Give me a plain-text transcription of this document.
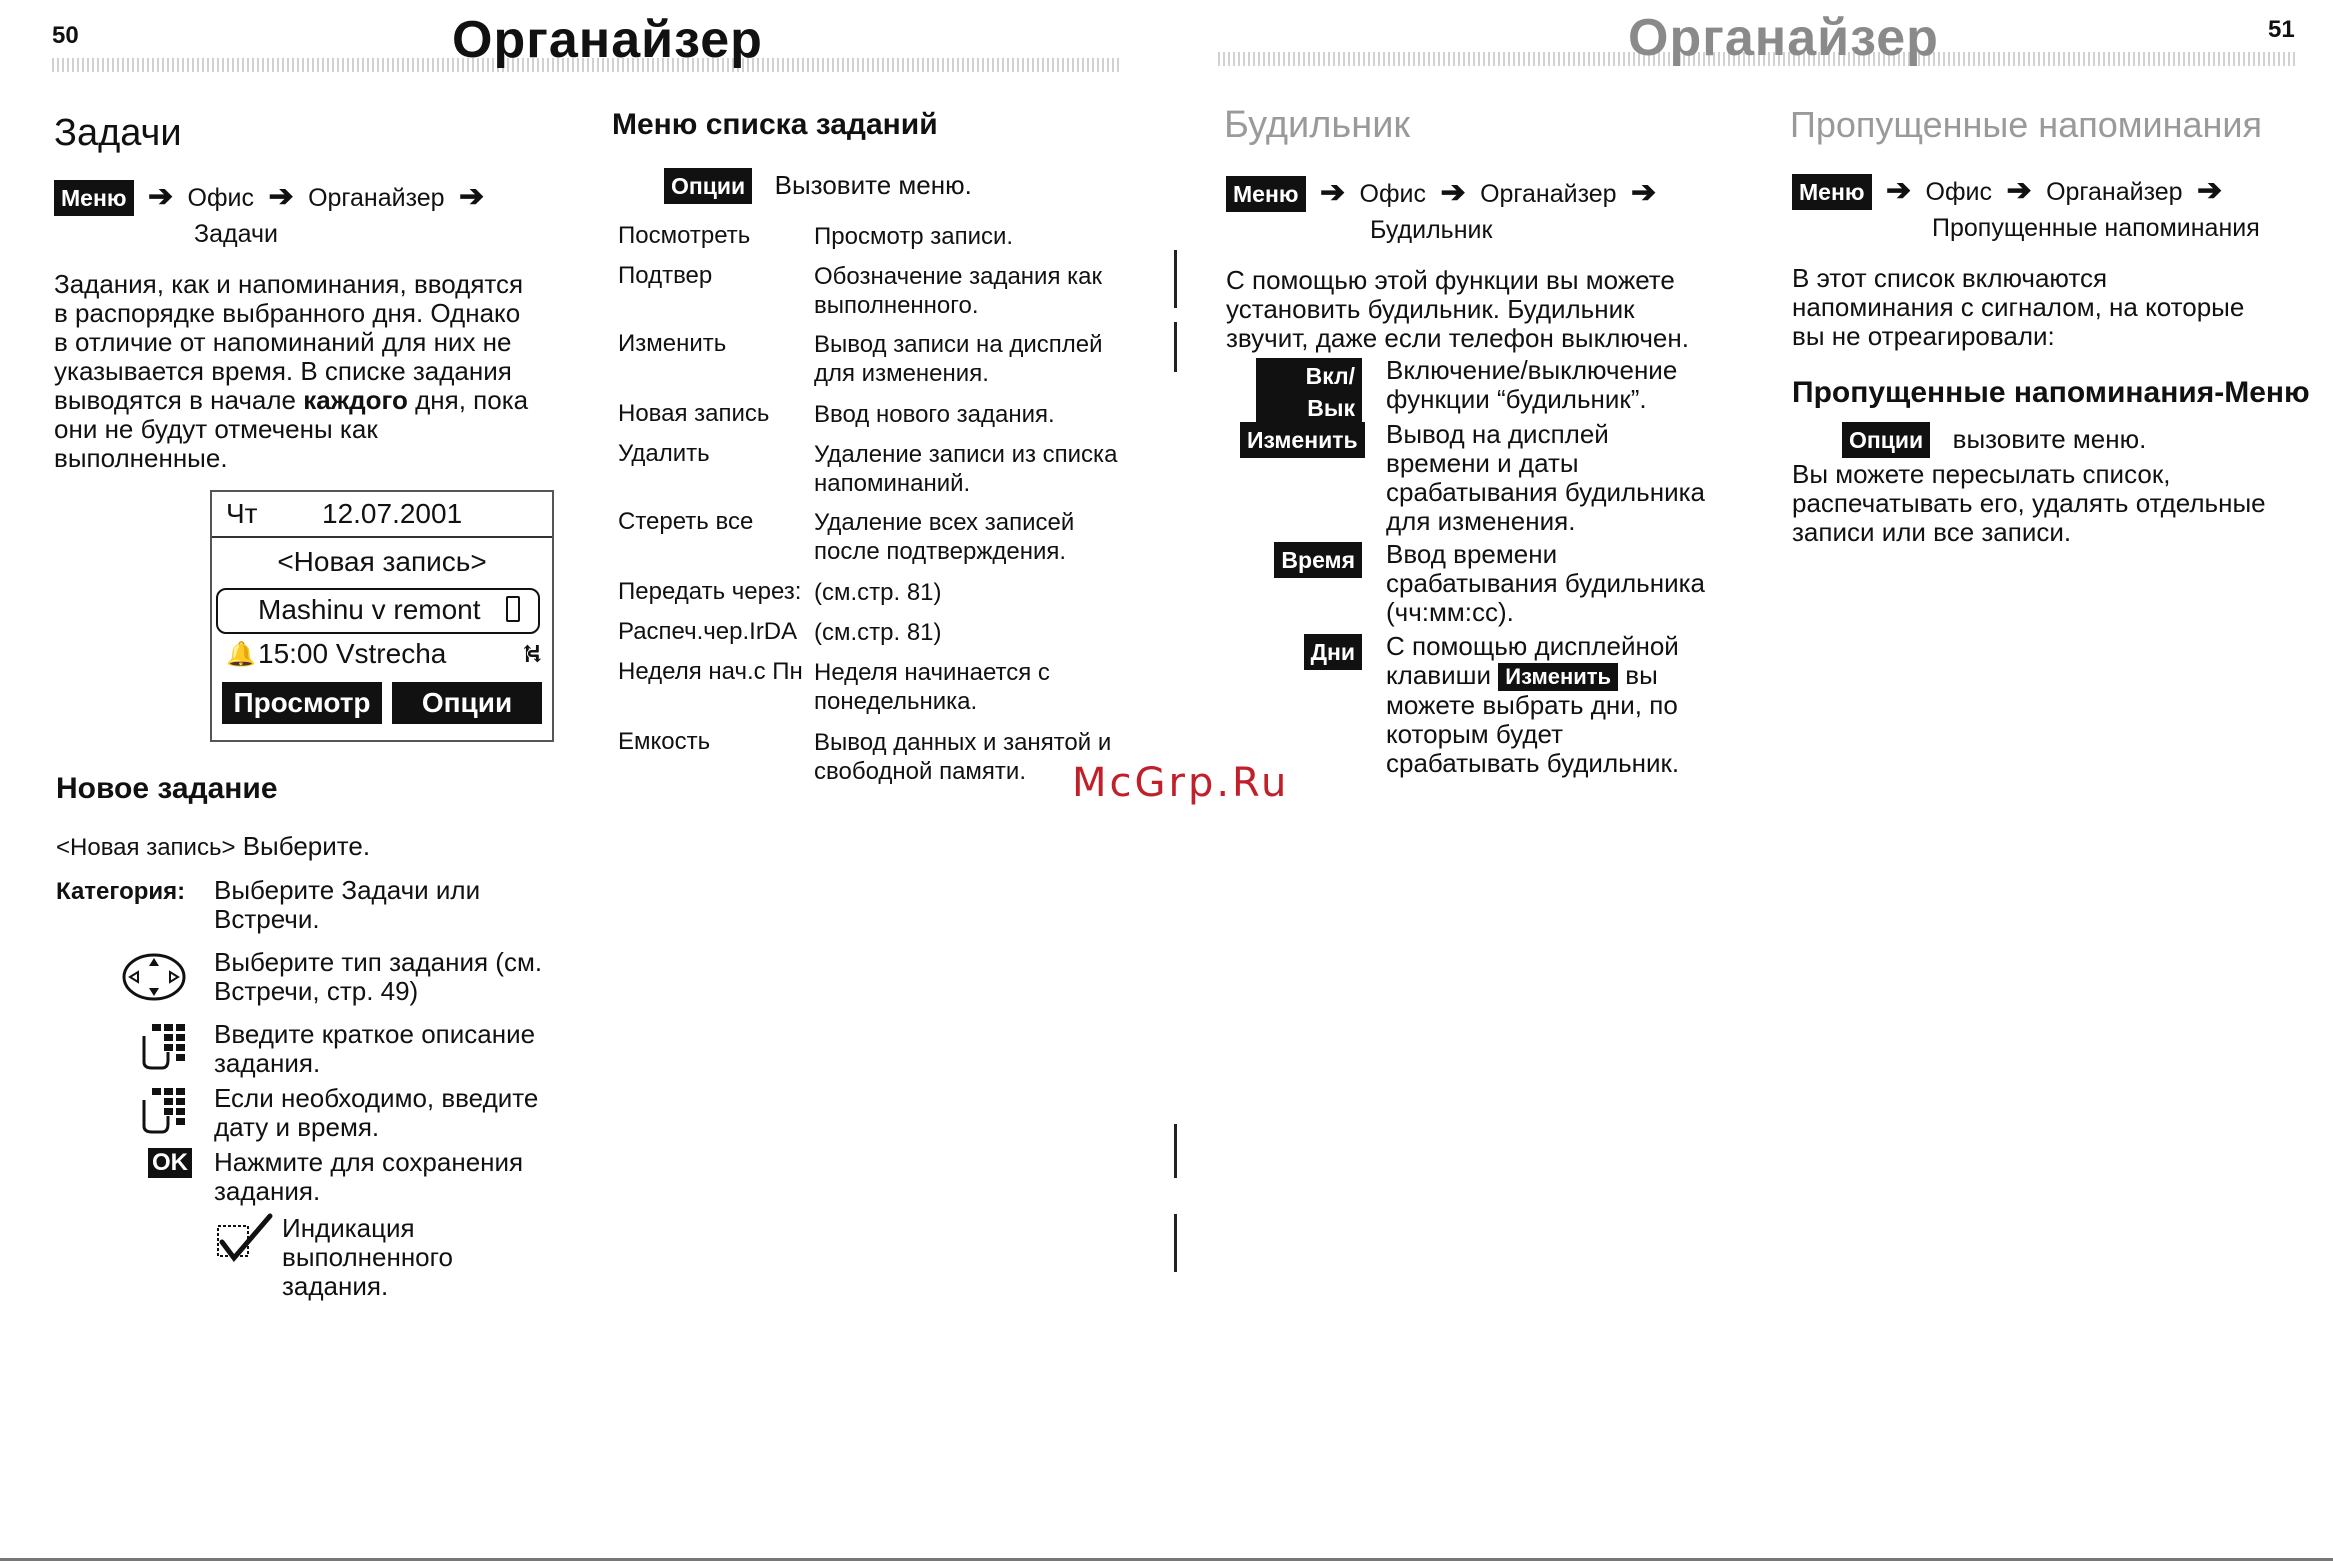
50	Органайзер	Органайзер	51
Задачи
Меню ➔ Офис ➔ Органайзер ➔
Задачи
Задания, как и напоминания, вводятся
в распорядке выбранного дня. Однако
в отличие от напоминаний для них не
указывается время. В списке задания
выводятся в начале каждого дня, пока
они не будут отмечены как
выполненные.
Чт 12.07.2001
<Новая запись>
Mashinu v remont
🔔 15:00 Vstrecha	⛕
Просмотр	Опции
Новое задание
<Новая запись> Выберите.
Категория: Выберите Задачи или
Встречи.
Выберите тип задания (см.
Встречи, стр. 49)
Введите краткое описание
задания.
Если необходимо, введите
дату и время.
OK Нажмите для сохранения
задания.
Индикация
выполненного
задания.
Меню списка заданий
Опции Вызовите меню.
Посмотреть	Просмотр записи.
Подтвер	Обозначение задания как
выполненного.
Изменить	Вывод записи на дисплей
для изменения.
Новая запись Ввод нового задания.
Удалить	Удаление записи из списка
напоминаний.
Стереть все	Удаление всех записей
после подтверждения.
Передать через: (см.стр. 81)
Распеч.чер.IrDA (см.стр. 81)
Неделя нач.с Пн Неделя начинается с
понедельника.
Емкость	Вывод данных и занятой и
свободной памяти.	McGrp.Ru
Будильник
Меню ➔ Офис ➔ Органайзер ➔
Будильник
С помощью этой функции вы можете
установить будильник. Будильник
звучит, даже если телефон выключен.
Вкл/Вык
Включение/выключение
функции “будильник”.
Изменить Вывод на дисплей
времени и даты
срабатывания будильника
для изменения.
Время Ввод времени
срабатывания будильника
(чч:мм:сс).
Дни С помощью дисплейной
клавиши Изменить вы
можете выбрать дни, по
которым будет
срабатывать будильник.
Пропущенные напоминания
Меню ➔ Офис ➔ Органайзер ➔
Пропущенные напоминания
В этот список включаются
напоминания с сигналом, на которые
вы не отреагировали:
Пропущенные напоминания-Меню
Опции вызовите меню.
Вы можете пересылать список,
распечатывать его, удалять отдельные
записи или все записи.
